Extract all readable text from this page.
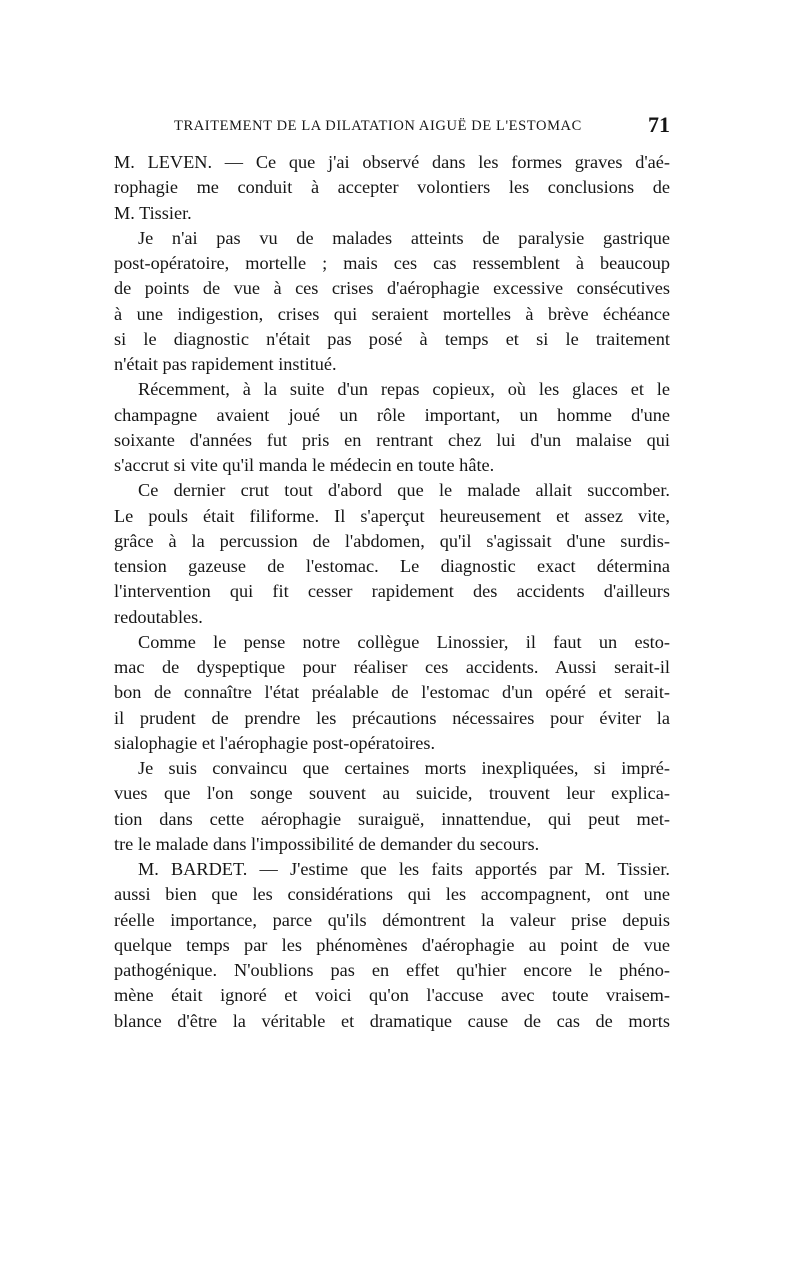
TRAITEMENT DE LA DILATATION AIGUË DE L'ESTOMAC	71
M. LEVEN. — Ce que j'ai observé dans les formes graves d'aé-
rophagie me conduit à accepter volontiers les conclusions de
M. Tissier.
Je n'ai pas vu de malades atteints de paralysie gastrique
post-opératoire, mortelle ; mais ces cas ressemblent à beaucoup
de points de vue à ces crises d'aérophagie excessive consécutives
à une indigestion, crises qui seraient mortelles à brève échéance
si le diagnostic n'était pas posé à temps et si le traitement
n'était pas rapidement institué.
Récemment, à la suite d'un repas copieux, où les glaces et le
champagne avaient joué un rôle important, un homme d'une
soixante d'années fut pris en rentrant chez lui d'un malaise qui
s'accrut si vite qu'il manda le médecin en toute hâte.
Ce dernier crut tout d'abord que le malade allait succomber.
Le pouls était filiforme. Il s'aperçut heureusement et assez vite,
grâce à la percussion de l'abdomen, qu'il s'agissait d'une surdis-
tension gazeuse de l'estomac. Le diagnostic exact détermina
l'intervention qui fit cesser rapidement des accidents d'ailleurs
redoutables.
Comme le pense notre collègue Linossier, il faut un esto-
mac de dyspeptique pour réaliser ces accidents. Aussi serait-il
bon de connaître l'état préalable de l'estomac d'un opéré et serait-
il prudent de prendre les précautions nécessaires pour éviter la
sialophagie et l'aérophagie post-opératoires.
Je suis convaincu que certaines morts inexpliquées, si impré-
vues que l'on songe souvent au suicide, trouvent leur explica-
tion dans cette aérophagie suraiguë, innattendue, qui peut met-
tre le malade dans l'impossibilité de demander du secours.
M. BARDET. — J'estime que les faits apportés par M. Tissier.
aussi bien que les considérations qui les accompagnent, ont une
réelle importance, parce qu'ils démontrent la valeur prise depuis
quelque temps par les phénomènes d'aérophagie au point de vue
pathogénique. N'oublions pas en effet qu'hier encore le phéno-
mène était ignoré et voici qu'on l'accuse avec toute vraisem-
blance d'être la véritable et dramatique cause de cas de morts
